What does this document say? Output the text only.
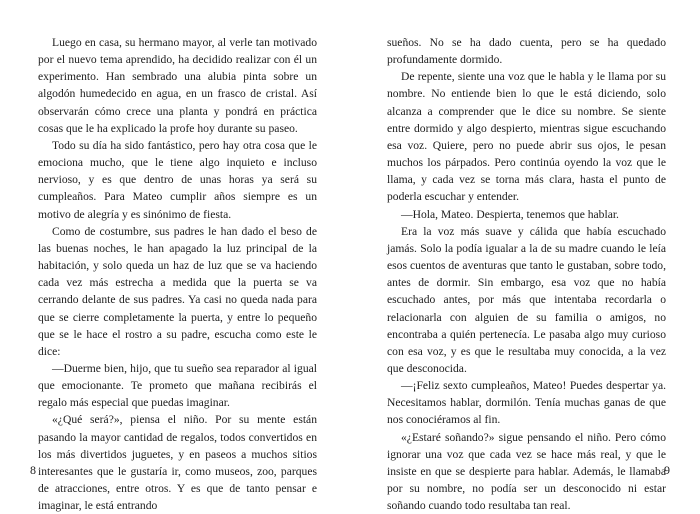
Luego en casa, su hermano mayor, al verle tan motivado por el nuevo tema aprendido, ha decidido realizar con él un experimento. Han sembrado una alubia pinta sobre un algodón humedecido en agua, en un frasco de cristal. Así observarán cómo crece una planta y pondrá en práctica cosas que le ha explicado la profe hoy durante su paseo.

Todo su día ha sido fantástico, pero hay otra cosa que le emociona mucho, que le tiene algo inquieto e incluso nervioso, y es que dentro de unas horas ya será su cumpleaños. Para Mateo cumplir años siempre es un motivo de alegría y es sinónimo de fiesta.

Como de costumbre, sus padres le han dado el beso de las buenas noches, le han apagado la luz principal de la habitación, y solo queda un haz de luz que se va haciendo cada vez más estrecha a medida que la puerta se va cerrando delante de sus padres. Ya casi no queda nada para que se cierre completamente la puerta, y entre lo pequeño que se le hace el rostro a su padre, escucha como este le dice:

—Duerme bien, hijo, que tu sueño sea reparador al igual que emocionante. Te prometo que mañana recibirás el regalo más especial que puedas imaginar.

«¿Qué será?», piensa el niño. Por su mente están pasando la mayor cantidad de regalos, todos convertidos en los más divertidos juguetes, y en paseos a muchos sitios interesantes que le gustaría ir, como museos, zoo, parques de atracciones, entre otros. Y es que de tanto pensar e imaginar, le está entrando

8

sueños. No se ha dado cuenta, pero se ha quedado profundamente dormido.

De repente, siente una voz que le habla y le llama por su nombre. No entiende bien lo que le está diciendo, solo alcanza a comprender que le dice su nombre. Se siente entre dormido y algo despierto, mientras sigue escuchando esa voz. Quiere, pero no puede abrir sus ojos, le pesan muchos los párpados. Pero continúa oyendo la voz que le llama, y cada vez se torna más clara, hasta el punto de poderla escuchar y entender.

—Hola, Mateo. Despierta, tenemos que hablar.

Era la voz más suave y cálida que había escuchado jamás. Solo la podía igualar a la de su madre cuando le leía esos cuentos de aventuras que tanto le gustaban, sobre todo, antes de dormir. Sin embargo, esa voz que no había escuchado antes, por más que intentaba recordarla o relacionarla con alguien de su familia o amigos, no encontraba a quién pertenecía. Le pasaba algo muy curioso con esa voz, y es que le resultaba muy conocida, a la vez que desconocida.

—¡Feliz sexto cumpleaños, Mateo! Puedes despertar ya. Necesitamos hablar, dormilón. Tenía muchas ganas de que nos conociéramos al fin.

«¿Estaré soñando?» sigue pensando el niño. Pero cómo ignorar una voz que cada vez se hace más real, y que le insiste en que se despierte para hablar. Además, le llamaba por su nombre, no podía ser un desconocido ni estar soñando cuando todo resultaba tan real.

9
